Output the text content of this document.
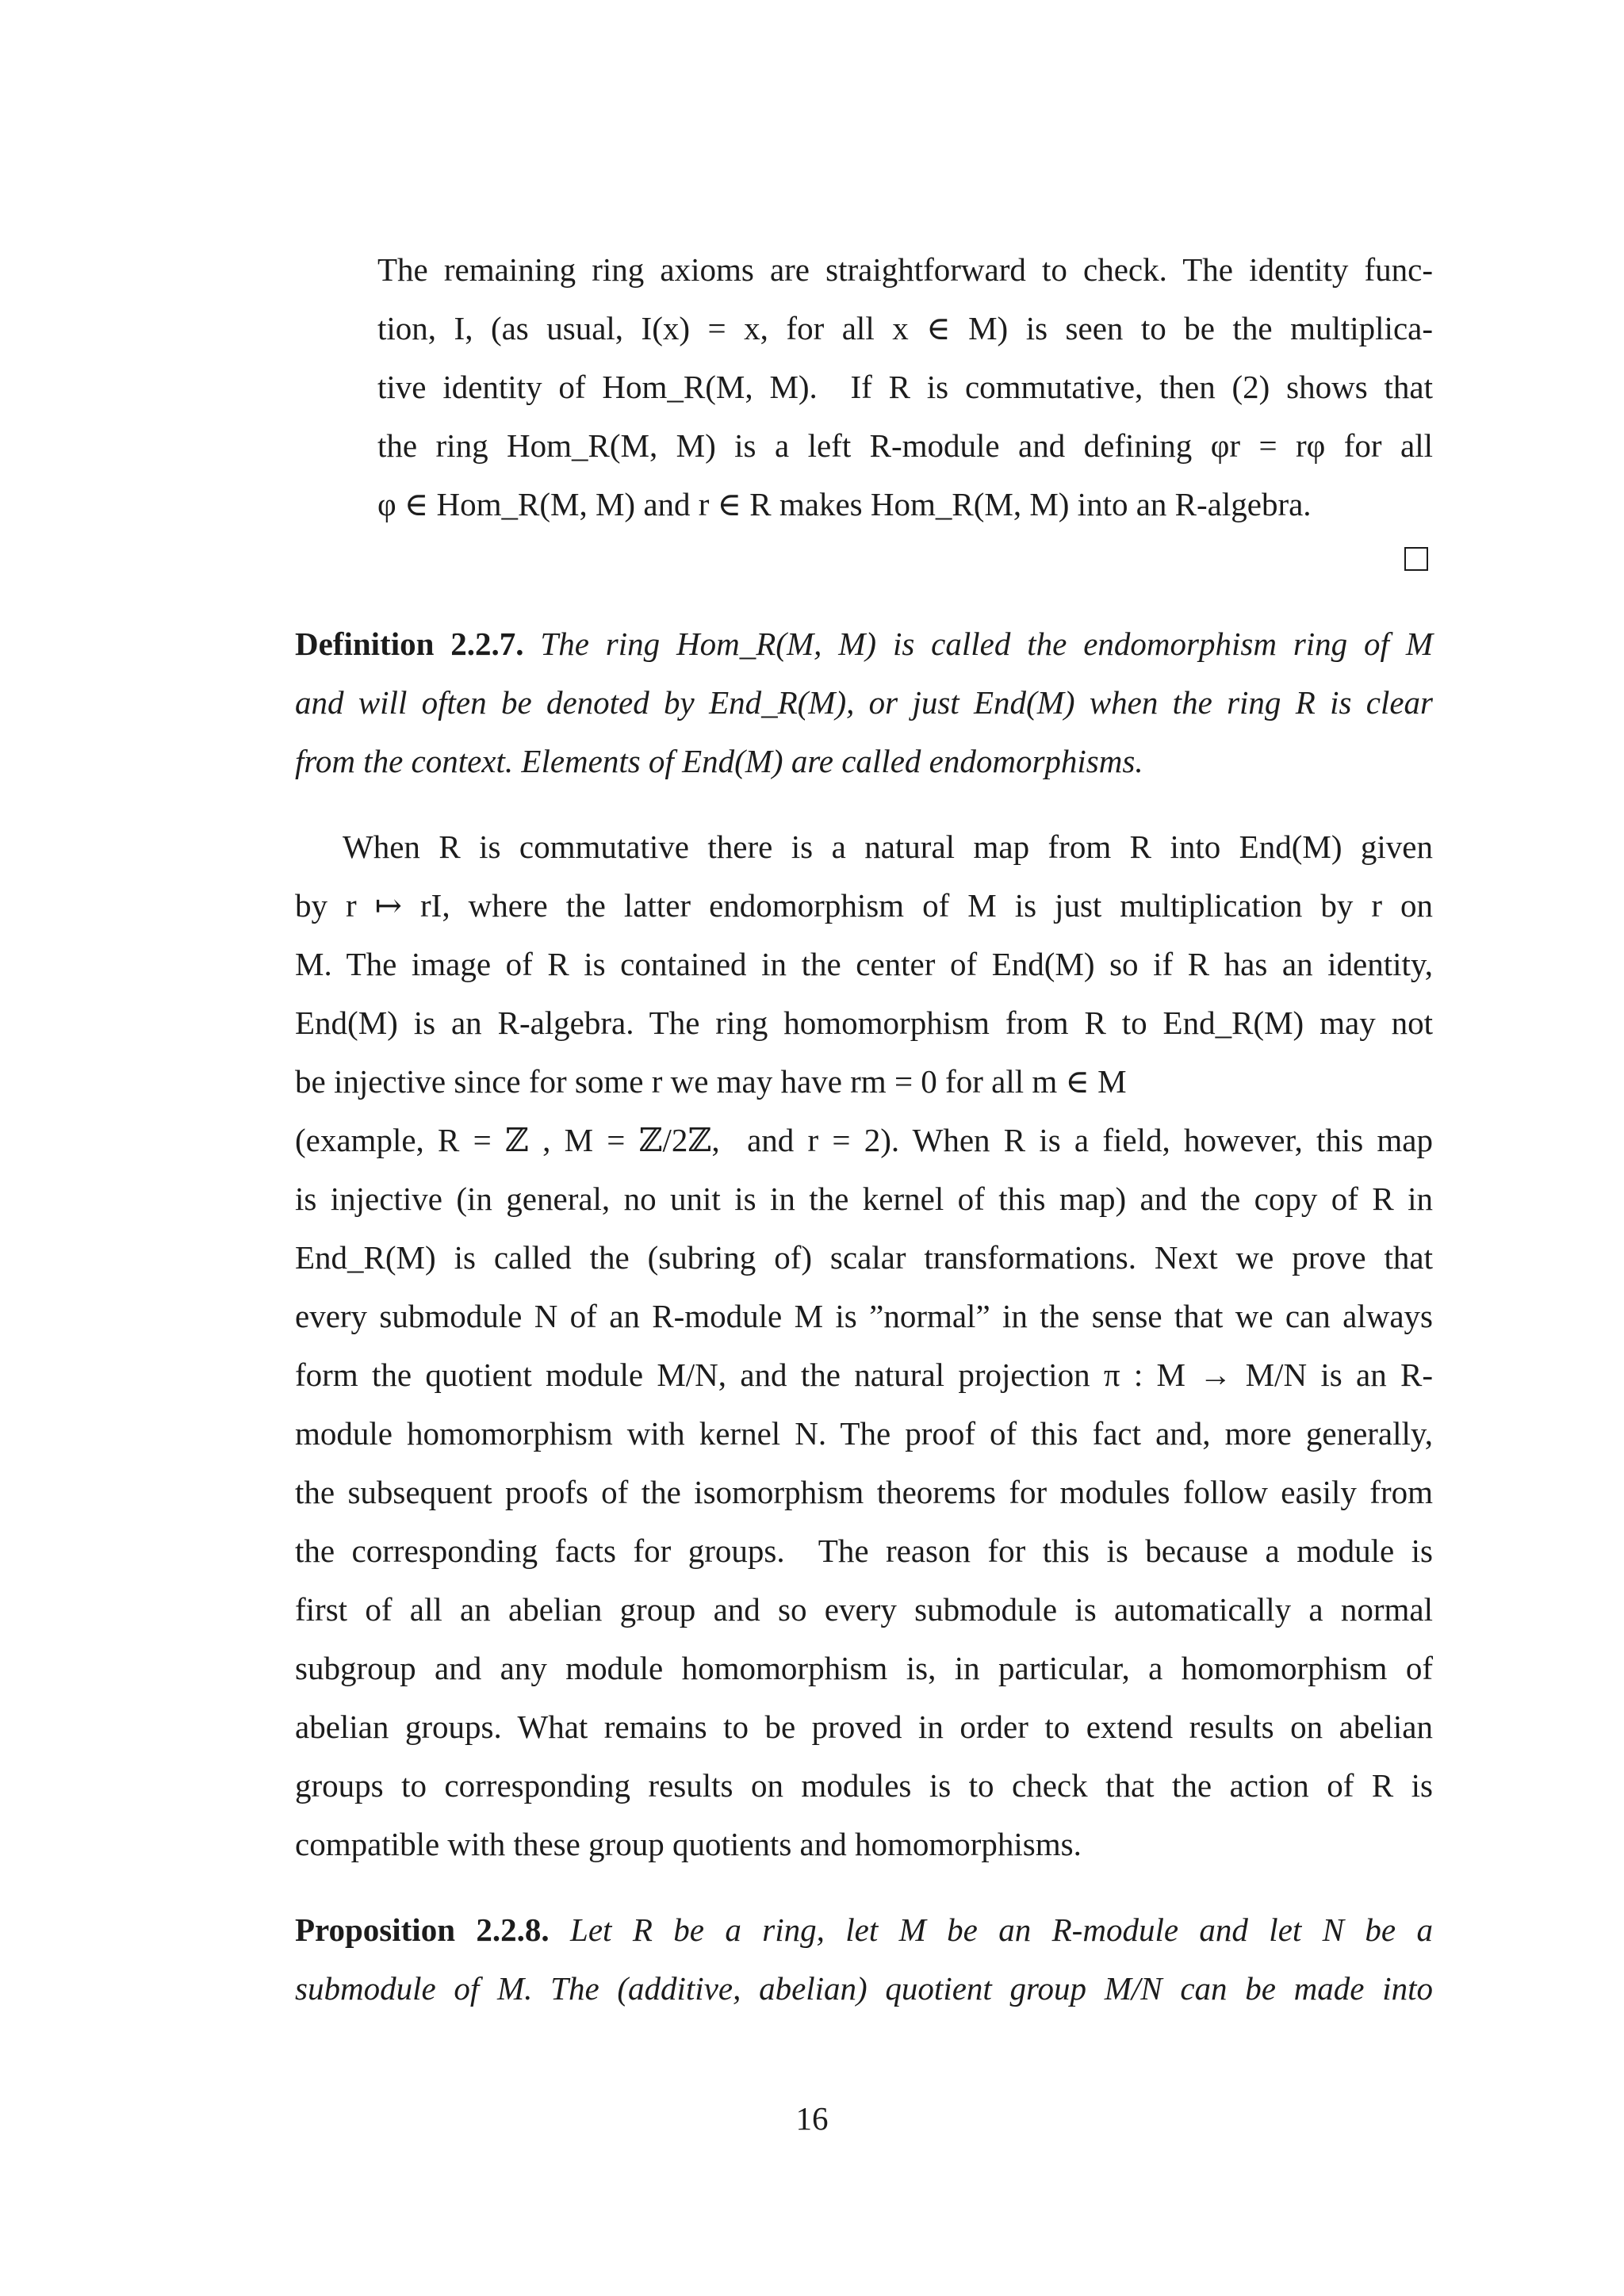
The remaining ring axioms are straightforward to check. The identity func-

tion, I, (as usual, I(x) = x, for all x ∈ M) is seen to be the multiplica-

tive identity of Hom_R(M, M).  If R is commutative, then (2) shows that

the ring Hom_R(M, M) is a left R-module and defining φr = rφ for all

φ ∈ Hom_R(M, M) and r ∈ R makes Hom_R(M, M) into an R-algebra.

Definition 2.2.7. The ring Hom_R(M, M) is called the endomorphism ring of M

and will often be denoted by End_R(M), or just End(M) when the ring R is clear

from the context. Elements of End(M) are called endomorphisms.

When R is commutative there is a natural map from R into End(M) given

by r ↦ rI, where the latter endomorphism of M is just multiplication by r on

M. The image of R is contained in the center of End(M) so if R has an identity,

End(M) is an R-algebra. The ring homomorphism from R to End_R(M) may not

be injective since for some r we may have rm = 0 for all m ∈ M

(example, R = ℤ , M = ℤ/2ℤ,  and r = 2). When R is a field, however, this map

is injective (in general, no unit is in the kernel of this map) and the copy of R in

End_R(M) is called the (subring of) scalar transformations. Next we prove that

every submodule N of an R-module M is ”normal” in the sense that we can always

form the quotient module M/N, and the natural projection π : M → M/N is an R-

module homomorphism with kernel N. The proof of this fact and, more generally,

the subsequent proofs of the isomorphism theorems for modules follow easily from

the corresponding facts for groups.  The reason for this is because a module is

first of all an abelian group and so every submodule is automatically a normal

subgroup and any module homomorphism is, in particular, a homomorphism of

abelian groups. What remains to be proved in order to extend results on abelian

groups to corresponding results on modules is to check that the action of R is

compatible with these group quotients and homomorphisms.

Proposition 2.2.8. Let R be a ring, let M be an R-module and let N be a

submodule of M. The (additive, abelian) quotient group M/N can be made into

16
